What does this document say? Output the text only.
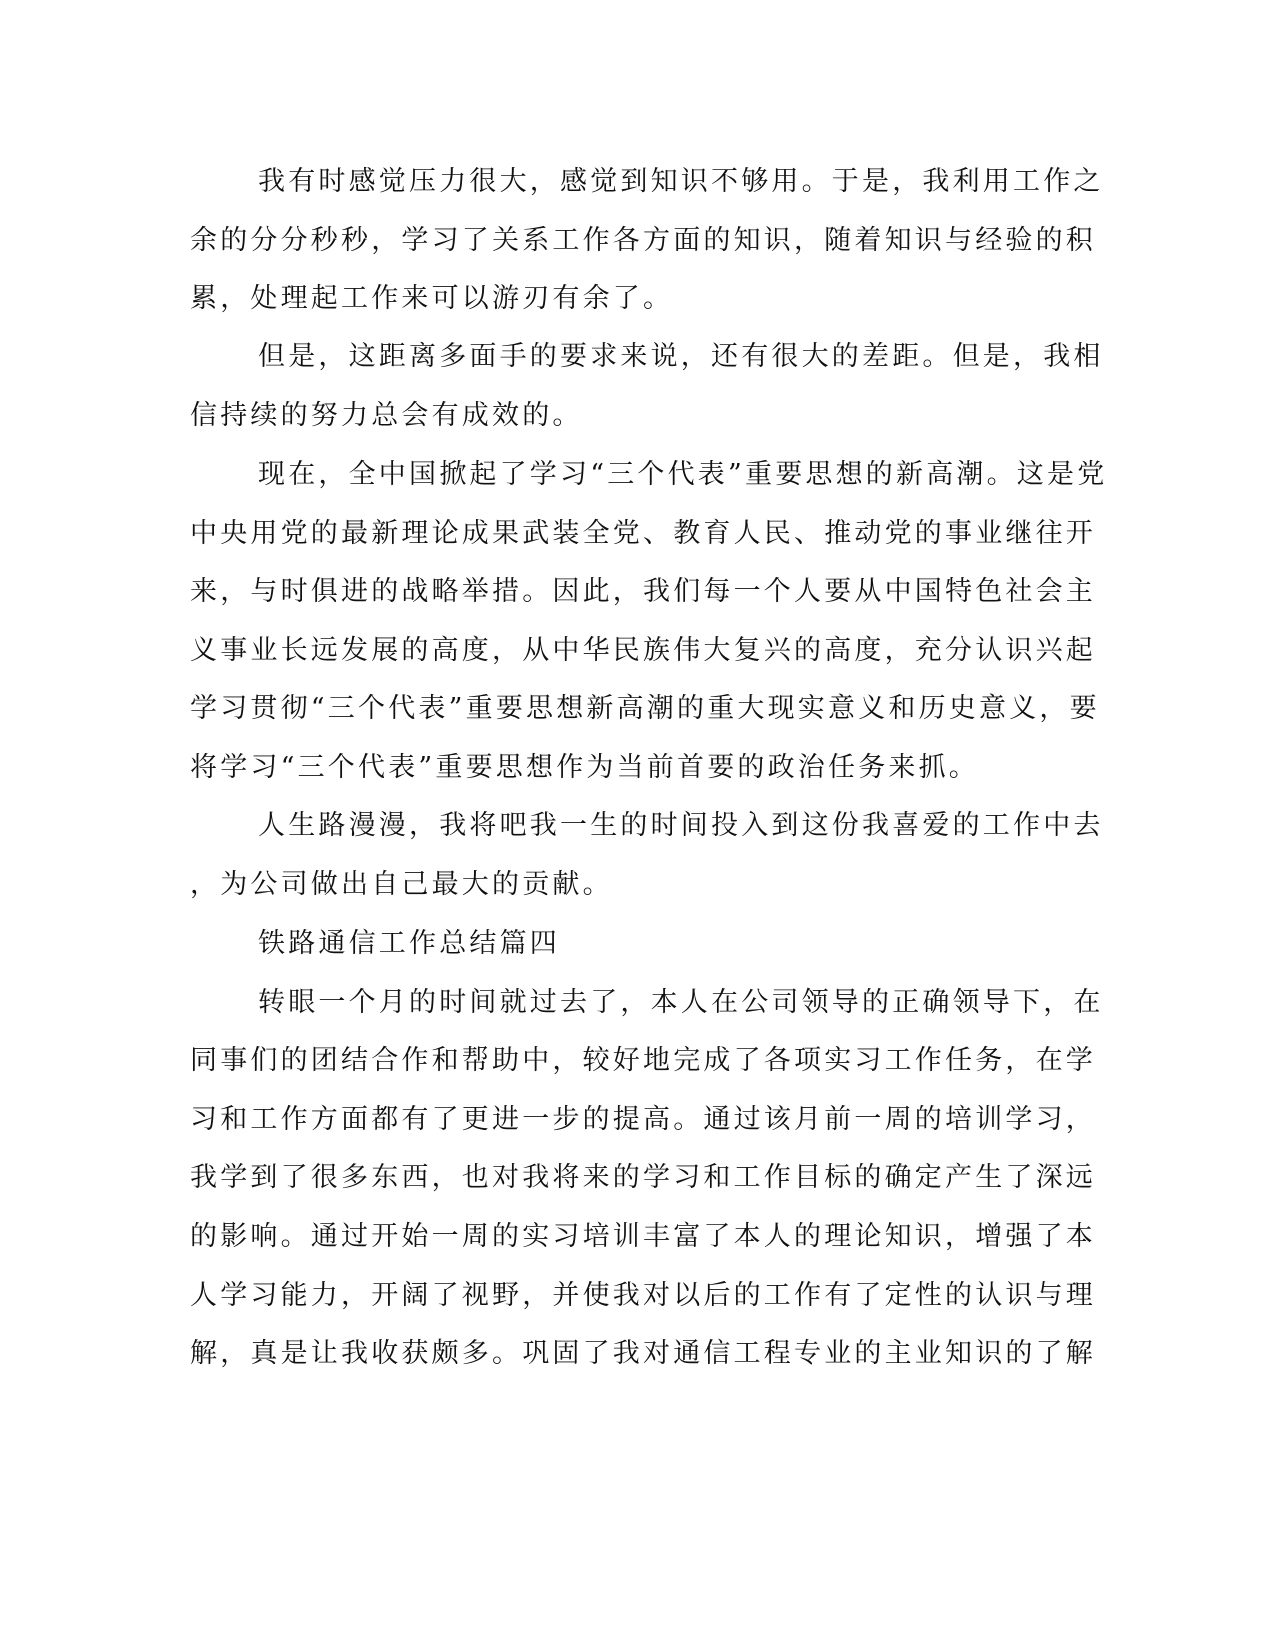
我有时感觉压力很大，感觉到知识不够用。于是，我利用工作之
余的分分秒秒，学习了关系工作各方面的知识，随着知识与经验的积
累，处理起工作来可以游刃有余了。
但是，这距离多面手的要求来说，还有很大的差距。但是，我相
信持续的努力总会有成效的。
现在，全中国掀起了学习“三个代表”重要思想的新高潮。这是党
中央用党的最新理论成果武装全党、教育人民、推动党的事业继往开
来，与时俱进的战略举措。因此，我们每一个人要从中国特色社会主
义事业长远发展的高度，从中华民族伟大复兴的高度，充分认识兴起
学习贯彻“三个代表”重要思想新高潮的重大现实意义和历史意义，要
将学习“三个代表”重要思想作为当前首要的政治任务来抓。
人生路漫漫，我将吧我一生的时间投入到这份我喜爱的工作中去
，为公司做出自己最大的贡献。
铁路通信工作总结篇四
转眼一个月的时间就过去了，本人在公司领导的正确领导下，在
同事们的团结合作和帮助中，较好地完成了各项实习工作任务，在学
习和工作方面都有了更进一步的提高。通过该月前一周的培训学习，
我学到了很多东西，也对我将来的学习和工作目标的确定产生了深远
的影响。通过开始一周的实习培训丰富了本人的理论知识，增强了本
人学习能力，开阔了视野，并使我对以后的工作有了定性的认识与理
解，真是让我收获颇多。巩固了我对通信工程专业的主业知识的了解
